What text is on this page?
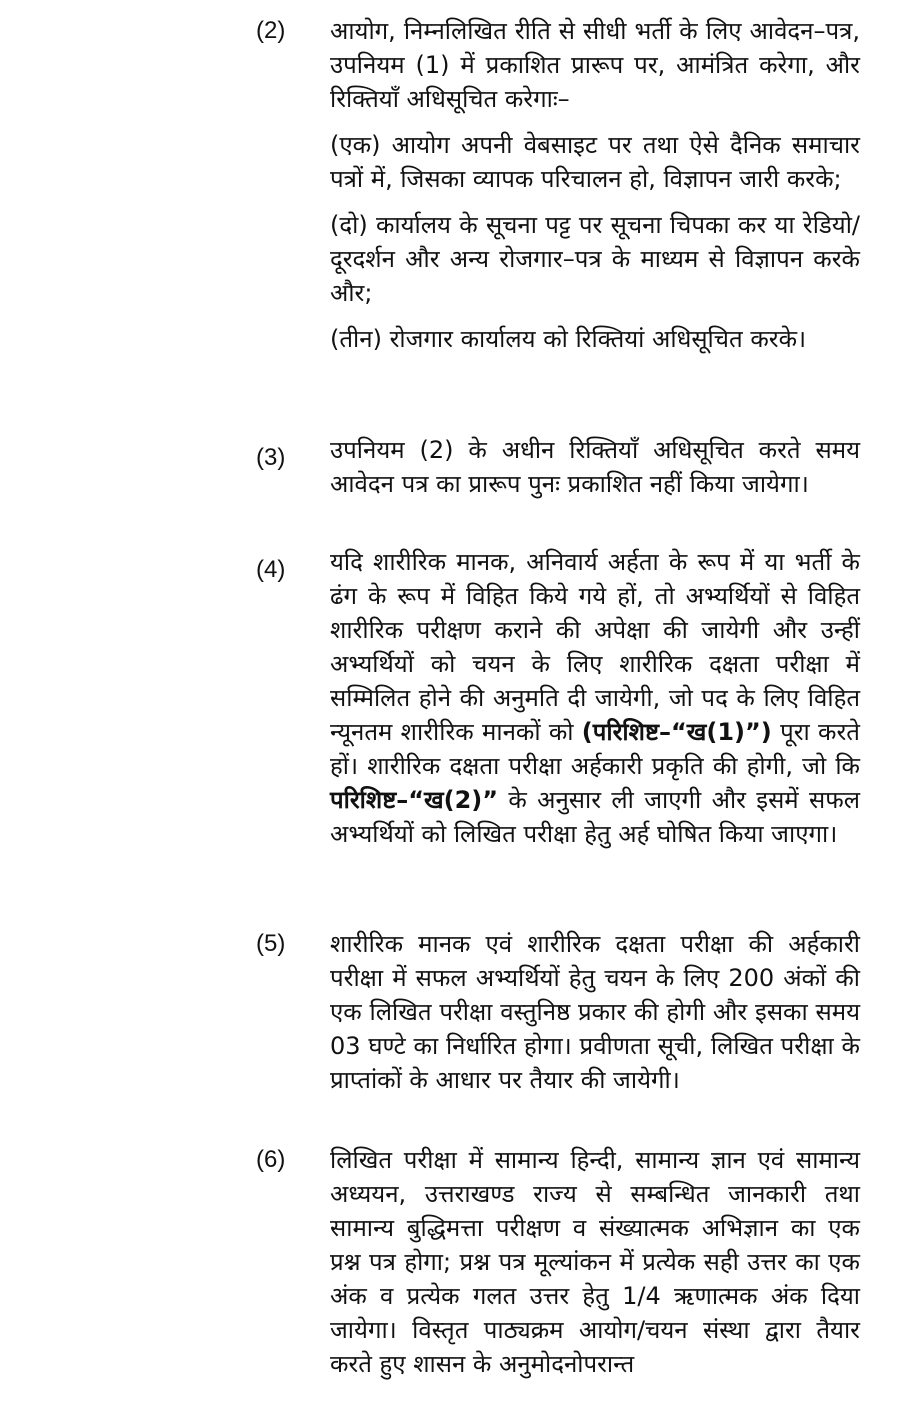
(2)	आयोग, निम्नलिखित रीति से सीधी भर्ती के लिए आवेदन–पत्र, उपनियम (1) में प्रकाशित प्रारूप पर, आमंत्रित करेगा, और रिक्तियाँ अधिसूचित करेगाः–
(एक) आयोग अपनी वेबसाइट पर तथा ऐसे दैनिक समाचार पत्रों में, जिसका व्यापक परिचालन हो, विज्ञापन जारी करके;
(दो) कार्यालय के सूचना पट्ट पर सूचना चिपका कर या रेडियो/दूरदर्शन और अन्य रोजगार–पत्र के माध्यम से विज्ञापन करके और;
(तीन) रोजगार कार्यालय को रिक्तियां अधिसूचित करके।
(3)	उपनियम (2) के अधीन रिक्तियाँ अधिसूचित करते समय आवेदन पत्र का प्रारूप पुनः प्रकाशित नहीं किया जायेगा।
(4)	यदि शारीरिक मानक, अनिवार्य अर्हता के रूप में या भर्ती के ढंग के रूप में विहित किये गये हों, तो अभ्यर्थियों से विहित शारीरिक परीक्षण कराने की अपेक्षा की जायेगी और उन्हीं अभ्यर्थियों को चयन के लिए शारीरिक दक्षता परीक्षा में सम्मिलित होने की अनुमति दी जायेगी, जो पद के लिए विहित न्यूनतम शारीरिक मानकों को (परिशिष्ट–“ख(1)”) पूरा करते हों। शारीरिक दक्षता परीक्षा अर्हकारी प्रकृति की होगी, जो कि परिशिष्ट–“ख(2)” के अनुसार ली जाएगी और इसमें सफल अभ्यर्थियों को लिखित परीक्षा हेतु अर्ह घोषित किया जाएगा।
(5)	शारीरिक मानक एवं शारीरिक दक्षता परीक्षा की अर्हकारी परीक्षा में सफल अभ्यर्थियों हेतु चयन के लिए 200 अंकों की एक लिखित परीक्षा वस्तुनिष्ठ प्रकार की होगी और इसका समय 03 घण्टे का निर्धारित होगा। प्रवीणता सूची, लिखित परीक्षा के प्राप्तांकों के आधार पर तैयार की जायेगी।
(6)	लिखित परीक्षा में सामान्य हिन्दी, सामान्य ज्ञान एवं सामान्य अध्ययन, उत्तराखण्ड राज्य से सम्बन्धित जानकारी तथा सामान्य बुद्धिमत्ता परीक्षण व संख्यात्मक अभिज्ञान का एक प्रश्न पत्र होगा; प्रश्न पत्र मूल्यांकन में प्रत्येक सही उत्तर का एक अंक व प्रत्येक गलत उत्तर हेतु 1/4 ऋणात्मक अंक दिया जायेगा। विस्तृत पाठ्यक्रम आयोग/चयन संस्था द्वारा तैयार करते हुए शासन के अनुमोदनोपरान्त
